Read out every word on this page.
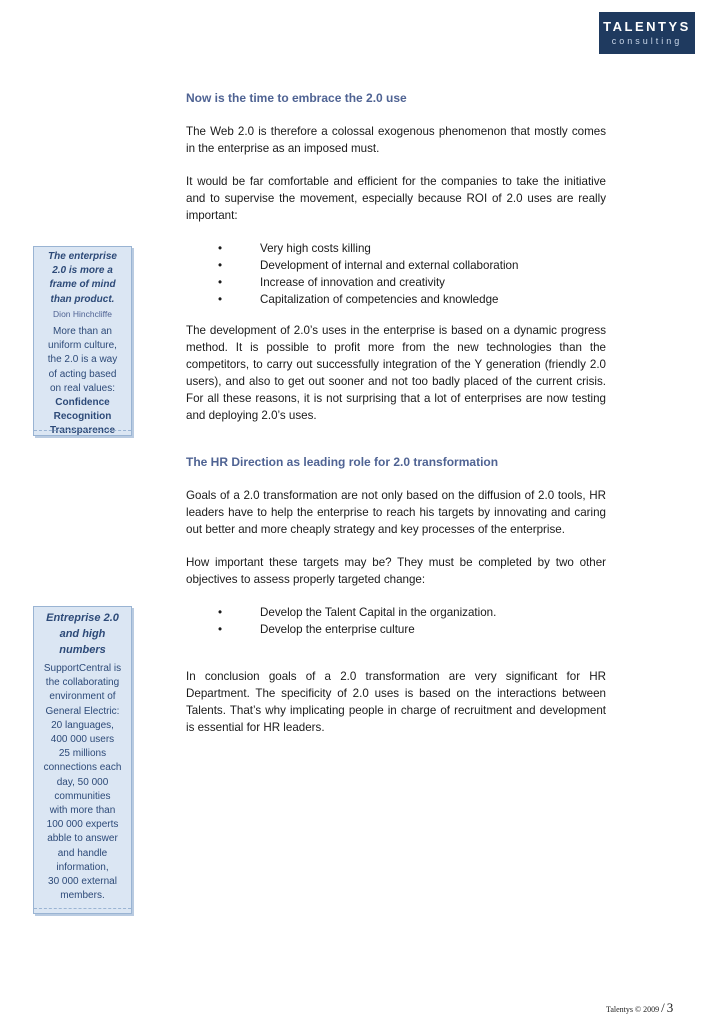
TALENTYS
consulting
Now is the time to embrace the 2.0 use

The Web 2.0 is therefore a colossal exogenous phenomenon that mostly comes in the enterprise as an imposed must.

It would be far comfortable and efficient for the companies to take the initiative and to supervise the movement, especially because ROI of 2.0 uses are really important:

•	Very high costs killing
•	Development of internal and external collaboration
•	Increase of innovation and creativity
•	Capitalization of competencies and knowledge

The development of 2.0’s uses in the enterprise is based on a dynamic progress method. It is possible to profit more from the new technologies than the competitors, to carry out successfully integration of the Y generation (friendly 2.0 users), and also to get out sooner and not too badly placed of the current crisis. For all these reasons, it is not surprising that a lot of enterprises are now testing and deploying 2.0’s uses.

The HR Direction as leading role for 2.0 transformation

Goals of a 2.0 transformation are not only based on the diffusion of 2.0 tools, HR leaders have to help the enterprise to reach his targets by innovating and caring out better and more cheaply strategy and key processes of the enterprise.

How important these targets may be? They must be completed by two other objectives to assess properly targeted change:

•	Develop the Talent Capital in the organization.
•	Develop the enterprise culture

In conclusion goals of a 2.0 transformation are very significant for HR Department. The specificity of 2.0 uses is based on the interactions between Talents. That’s why implicating people in charge of recruitment and development is essential for HR leaders.

The enterprise
2.0 is more a
frame of mind
than product.
Dion Hinchcliffe
More than an
uniform culture,
the 2.0 is a way
of acting based
on real values:
Confidence
Recognition
Transparence
Entreprise 2.0
and high
numbers
SupportCentral is
the collaborating
environment of
General Electric:
20 languages,
400 000 users
25 millions
connections each
day, 50 000
communities
with more than
100 000 experts
abble to answer
and handle
information,
30 000 external
members.
Talentys © 2009 / 3
